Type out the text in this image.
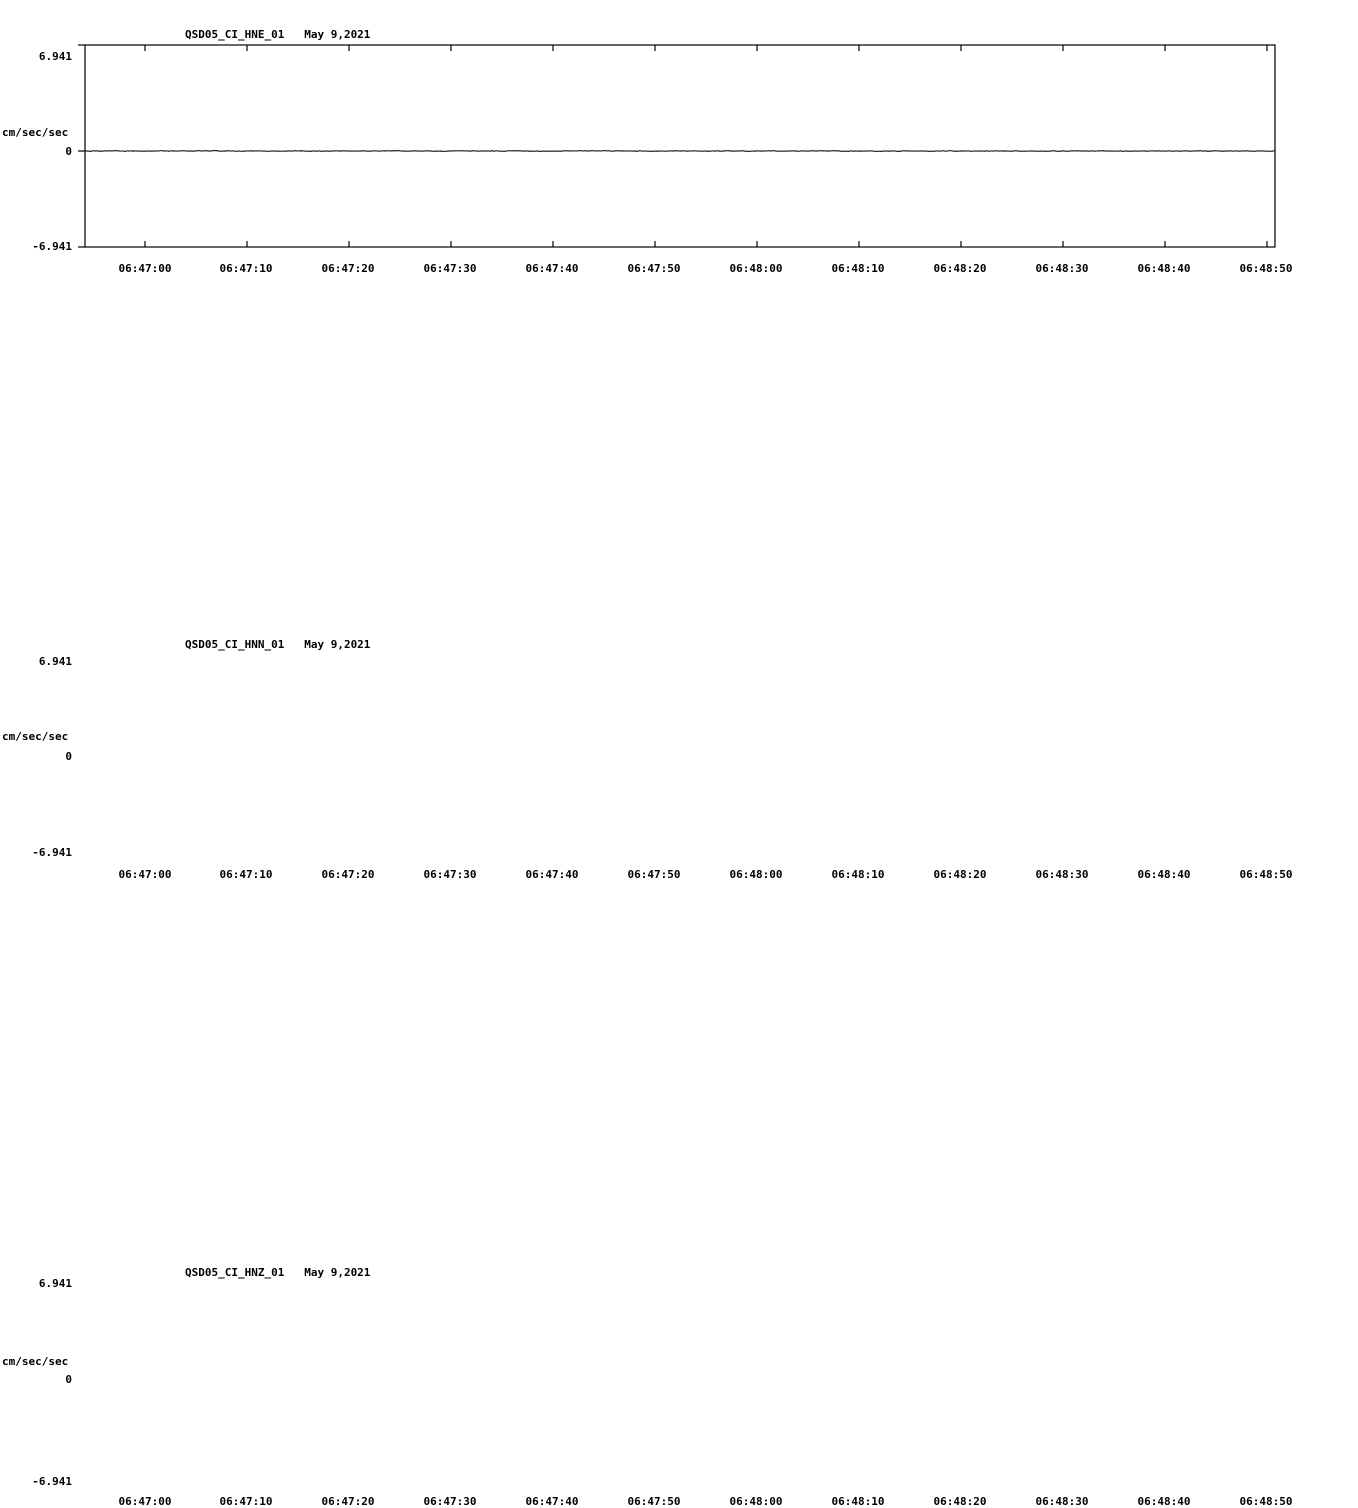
QSD05_CI_HNE_01   May 9,2021
cm/sec/sec
6.941
0
-6.941
06:47:00	06:47:10	06:47:20	06:47:30	06:47:40	06:47:50	06:48:00	06:48:10	06:48:20	06:48:30	06:48:40	06:48:50
QSD05_CI_HNN_01   May 9,2021
cm/sec/sec
6.941
0
-6.941
06:47:00	06:47:10	06:47:20	06:47:30	06:47:40	06:47:50	06:48:00	06:48:10	06:48:20	06:48:30	06:48:40	06:48:50
QSD05_CI_HNZ_01   May 9,2021
cm/sec/sec
6.941
0
-6.941
06:47:00	06:47:10	06:47:20	06:47:30	06:47:40	06:47:50	06:48:00	06:48:10	06:48:20	06:48:30	06:48:40	06:48:50
